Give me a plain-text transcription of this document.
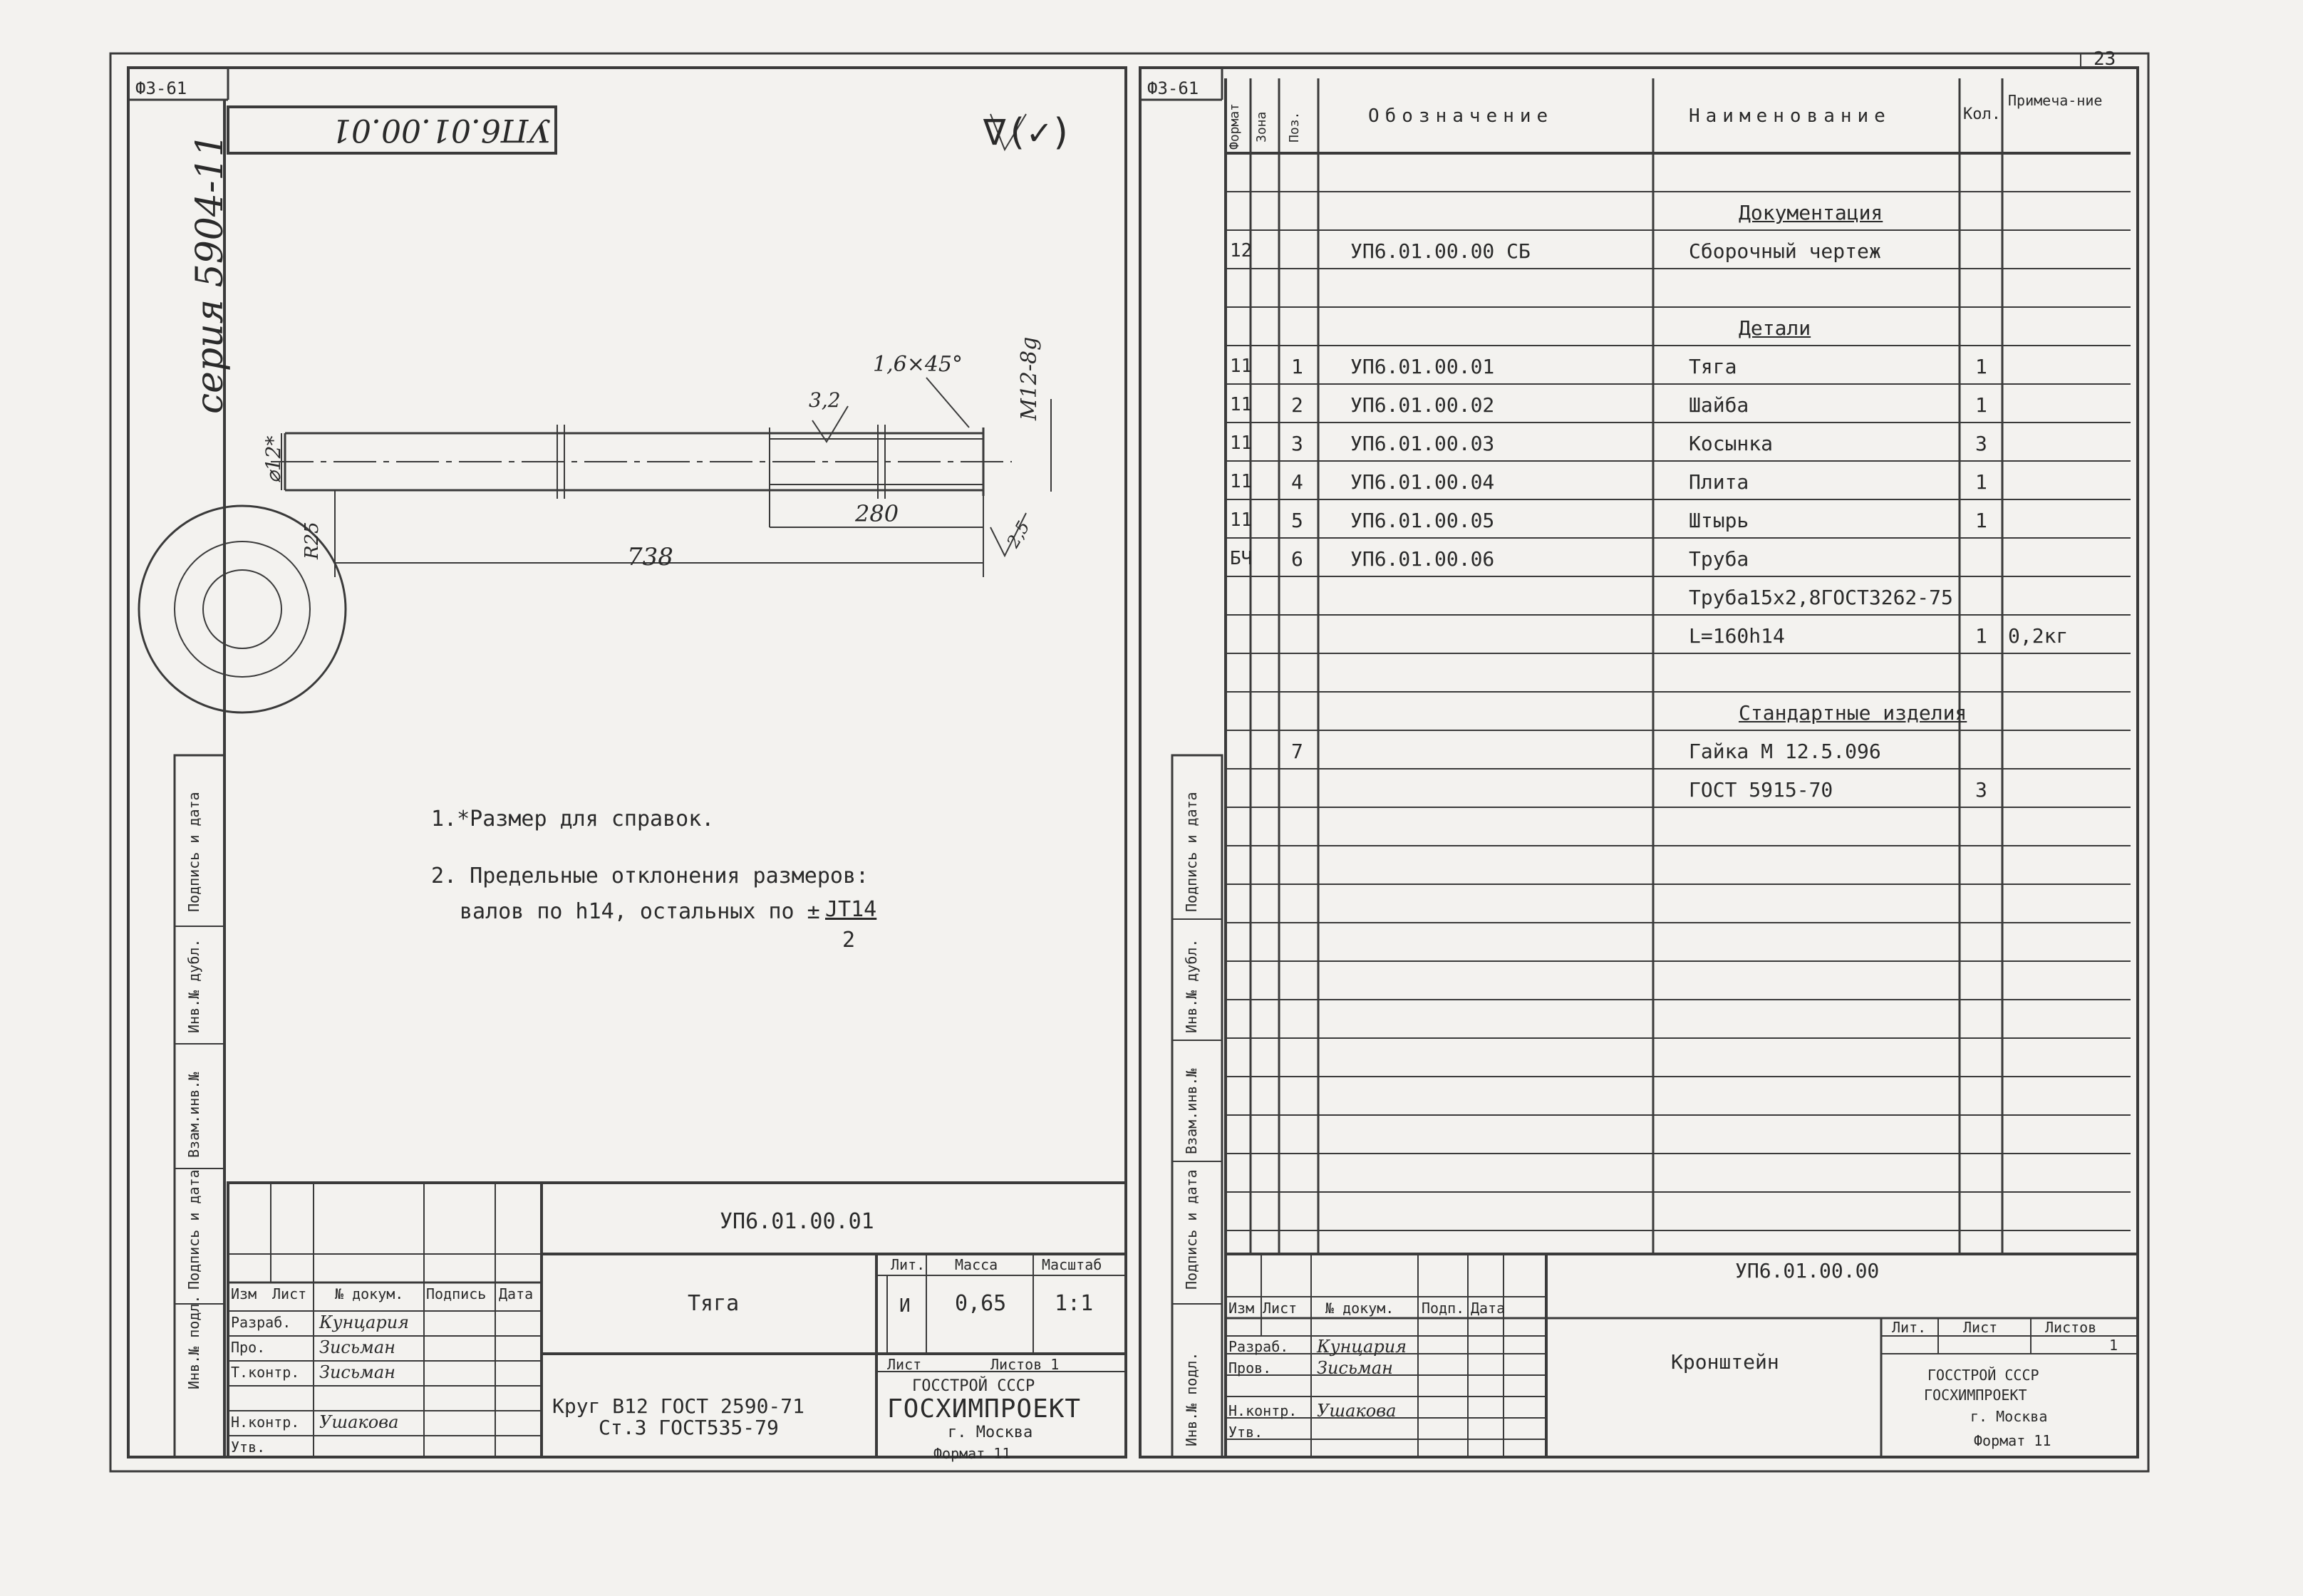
23
Ф3-61
УП6.01.00.01
серия 5904-11
∇(✓)
1,6×45°	М12-8g
3,2
⌀12*
R25
280
738
2,5
1.*Размер для справок.
2. Предельные отклонения размеров:
валов по h14, остальных по ± JT14
2
Инв.№ подл.
Подпись и дата
Взам.инв.№
Инв.№ дубл.
Подпись и дата
УП6.01.00.01
Тяга
Круг В12 ГОСТ 2590-71
Ст.3 ГОСТ535-79
Лит. Масса	Масштаб
И 0,65 1:1
Лист	Листов 1
ГОССТРОЙ СССР
ГОСХИМПРОЕКТ
г. Москва
Формат 11
Изм Лист № докум. Подпись Дата
Разраб. Кунцария
Про.	Зисьман
Т.контр. Зисьман
Н.контр. Ушакова
Утв.
Ф3-61
Формат Зона Поз.	Обозначение	Наименование	Кол.
Примеча-ние
Документация
12	УП6.01.00.00 СБ	Сборочный чертеж
Детали
11 1 УП6.01.00.01	Тяга	1
11 2 УП6.01.00.02	Шайба	1
11 3 УП6.01.00.03	Косынка	3
11 4 УП6.01.00.04	Плита	1
11 5 УП6.01.00.05	Штырь	1
БЧ 6 УП6.01.00.06	Труба
Труба15х2,8ГОСТ3262-75
L=160h14	1 0,2кг
Стандартные изделия
7	Гайка М 12.5.096
ГОСТ 5915-70	3
Инв.№ подл.
Подпись и дата
Взам.инв.№
Инв.№ дубл.
Подпись и дата
УП6.01.00.00
Кронштейн
Лит.	Лист	Листов
1
ГОССТРОЙ СССР
ГОСХИМПРОЕКТ
г. Москва
Формат 11
Изм Лист № докум. Подп. Дата
Разраб. Кунцария
Пров.	Зисьман
Н.контр. Ушакова
Утв.
